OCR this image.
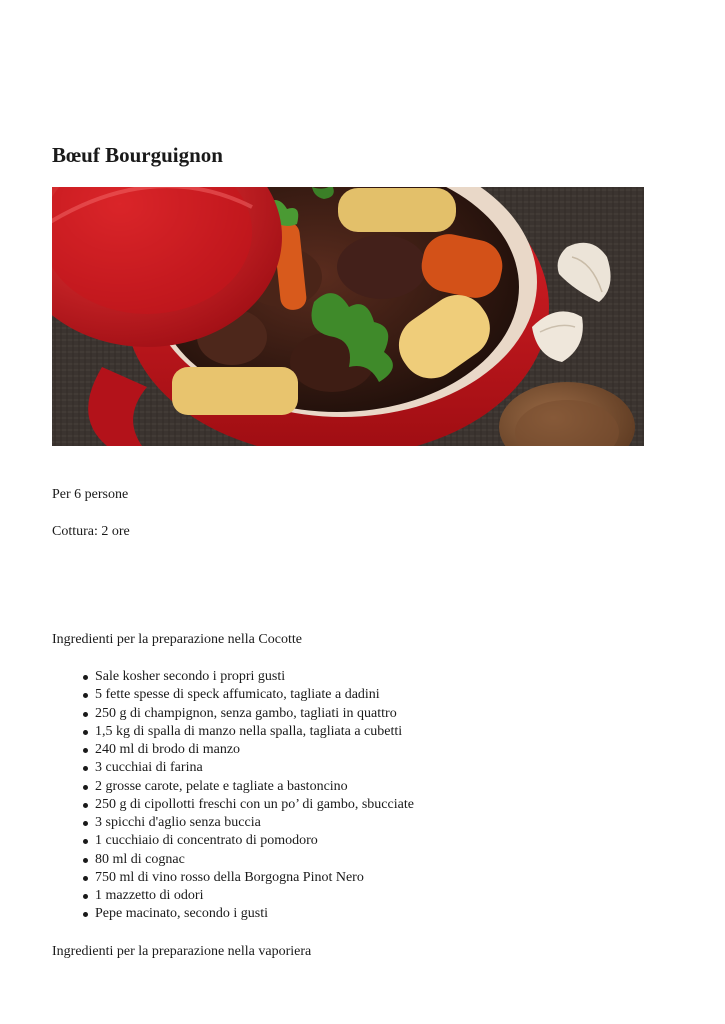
Bœuf Bourguignon

Per 6 persone

Cottura: 2 ore

Ingredienti per la preparazione nella Cocotte

Sale kosher secondo i propri gusti
5 fette spesse di speck affumicato, tagliate a dadini
250 g di champignon, senza gambo, tagliati in quattro
1,5 kg di spalla di manzo nella spalla, tagliata a cubetti
240 ml di brodo di manzo
3 cucchiai di farina
2 grosse carote, pelate e tagliate a bastoncino
250 g di cipollotti freschi con un po’ di gambo, sbucciate
3 spicchi d'aglio senza buccia
1 cucchiaio di concentrato di pomodoro
80 ml di cognac
750 ml di vino rosso della Borgogna Pinot Nero
1 mazzetto di odori
Pepe macinato, secondo i gusti

Ingredienti per la preparazione nella vaporiera
